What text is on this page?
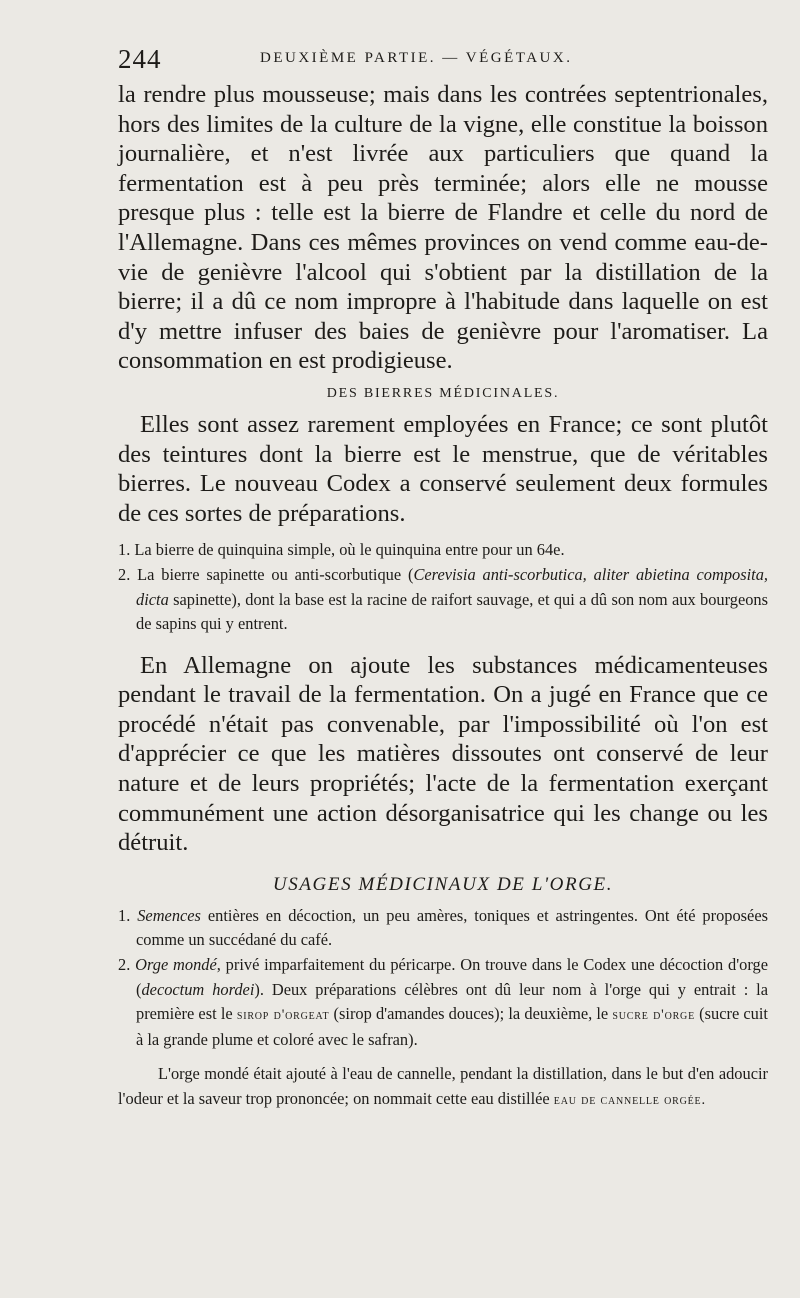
244	DEUXIÈME PARTIE. — VÉGÉTAUX.

la rendre plus mousseuse; mais dans les contrées septentrionales, hors des limites de la culture de la vigne, elle constitue la boisson journalière, et n'est livrée aux particuliers que quand la fermentation est à peu près terminée; alors elle ne mousse presque plus : telle est la bierre de Flandre et celle du nord de l'Allemagne. Dans ces mêmes provinces on vend comme eau-de-vie de genièvre l'alcool qui s'obtient par la distillation de la bierre; il a dû ce nom impropre à l'habitude dans laquelle on est d'y mettre infuser des baies de genièvre pour l'aromatiser. La consommation en est prodigieuse.

DES BIERRES MÉDICINALES.

Elles sont assez rarement employées en France; ce sont plutôt des teintures dont la bierre est le menstrue, que de véritables bierres. Le nouveau Codex a conservé seulement deux formules de ces sortes de préparations.

1. La bierre de quinquina simple, où le quinquina entre pour un 64e.

2. La bierre sapinette ou anti-scorbutique (Cerevisia anti-scorbutica, aliter abietina composita, dicta sapinette), dont la base est la racine de raifort sauvage, et qui a dû son nom aux bourgeons de sapins qui y entrent.

En Allemagne on ajoute les substances médicamenteuses pendant le travail de la fermentation. On a jugé en France que ce procédé n'était pas convenable, par l'impossibilité où l'on est d'apprécier ce que les matières dissoutes ont conservé de leur nature et de leurs propriétés; l'acte de la fermentation exerçant communément une action désorganisatrice qui les change ou les détruit.

USAGES MÉDICINAUX DE L'ORGE.

1. Semences entières en décoction, un peu amères, toniques et astringentes. Ont été proposées comme un succédané du café.

2. Orge mondé, privé imparfaitement du péricarpe. On trouve dans le Codex une décoction d'orge (decoctum hordei). Deux préparations célèbres ont dû leur nom à l'orge qui y entrait : la première est le sirop d'orgeat (sirop d'amandes douces); la deuxième, le sucre d'orge (sucre cuit à la grande plume et coloré avec le safran).

L'orge mondé était ajouté à l'eau de cannelle, pendant la distillation, dans le but d'en adoucir l'odeur et la saveur trop prononcée; on nommait cette eau distillée eau de cannelle orgée.
